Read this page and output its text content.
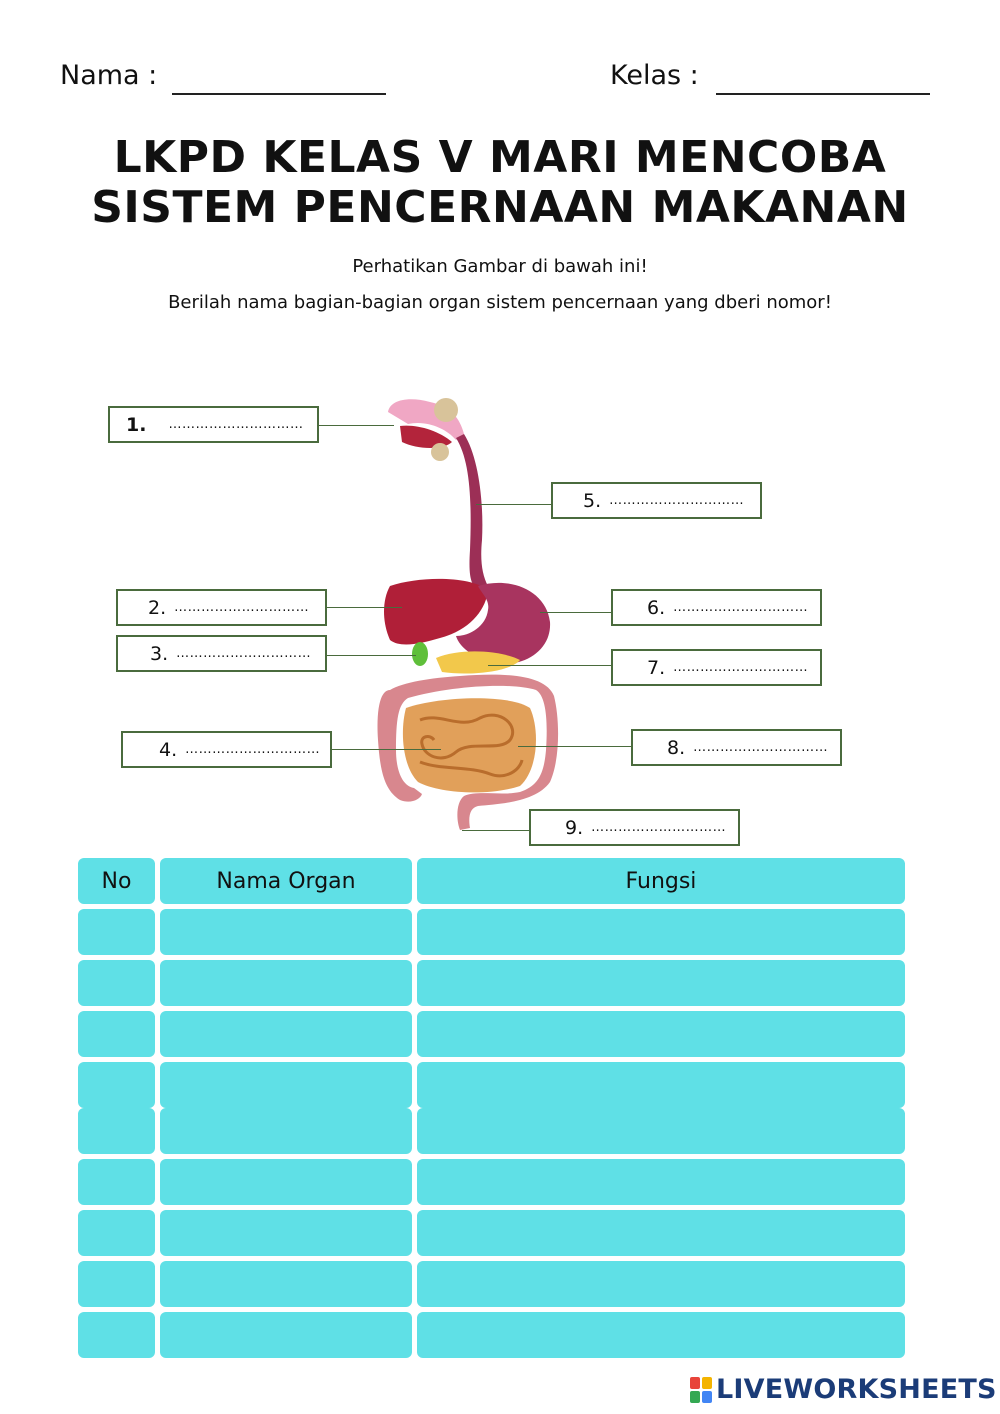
Nama :	Kelas :
LKPD KELAS V MARI MENCOBA
SISTEM PENCERNAAN MAKANAN
Perhatikan Gambar di bawah ini!
Berilah nama bagian-bagian organ sistem pencernaan yang dberi nomor!
1. …………………………
5. …………………………
2. …………………………	6. …………………………
3. …………………………
7. …………………………
4. …………………………	8. …………………………
9. …………………………
No	Nama Organ	Fungsi
LIVEWORKSHEETS
